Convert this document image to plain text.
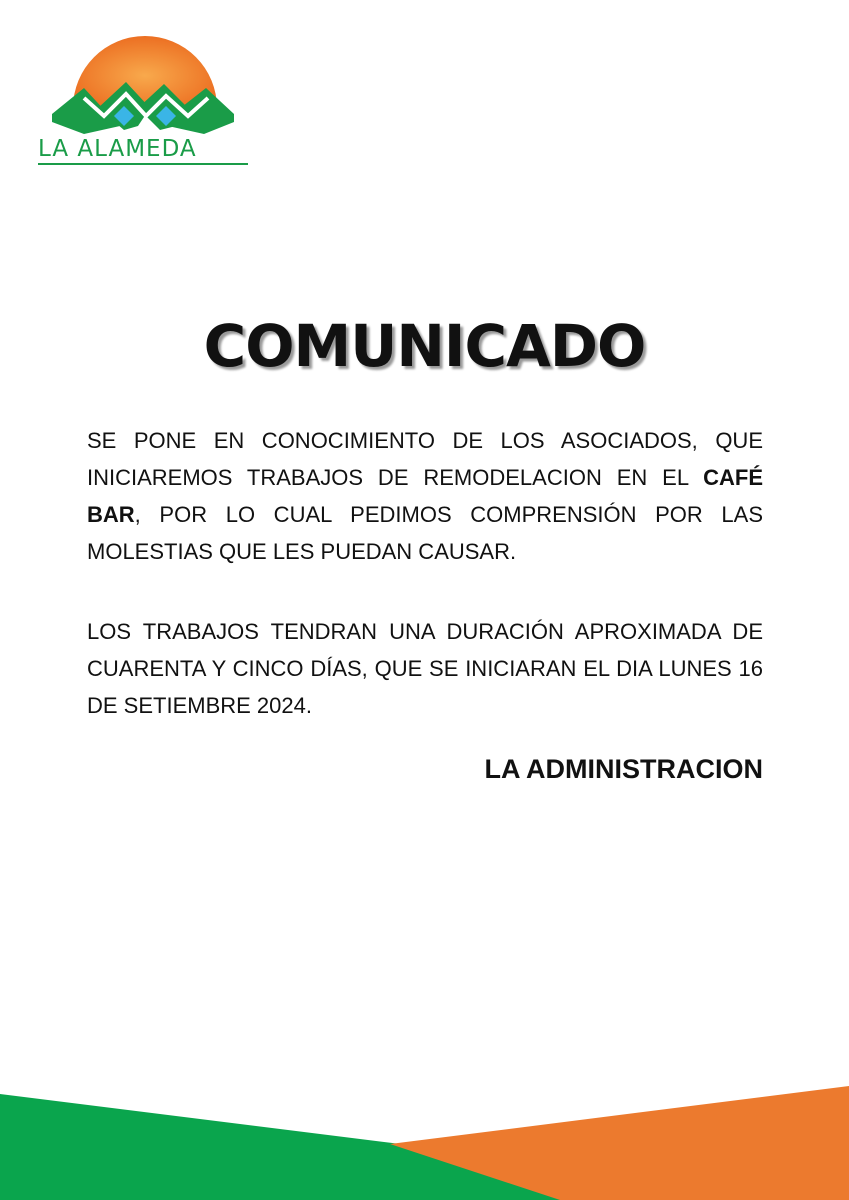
LA ALAMEDA
COMUNICADO

SE PONE EN CONOCIMIENTO DE LOS ASOCIADOS, QUE INICIAREMOS TRABAJOS DE REMODELACION EN EL CAFÉ BAR, POR LO CUAL PEDIMOS COMPRENSIÓN POR LAS MOLESTIAS QUE LES PUEDAN CAUSAR.

LOS TRABAJOS TENDRAN UNA DURACIÓN APROXIMADA DE CUARENTA Y CINCO DÍAS, QUE SE INICIARAN EL DIA LUNES 16 DE SETIEMBRE 2024.

LA ADMINISTRACION
